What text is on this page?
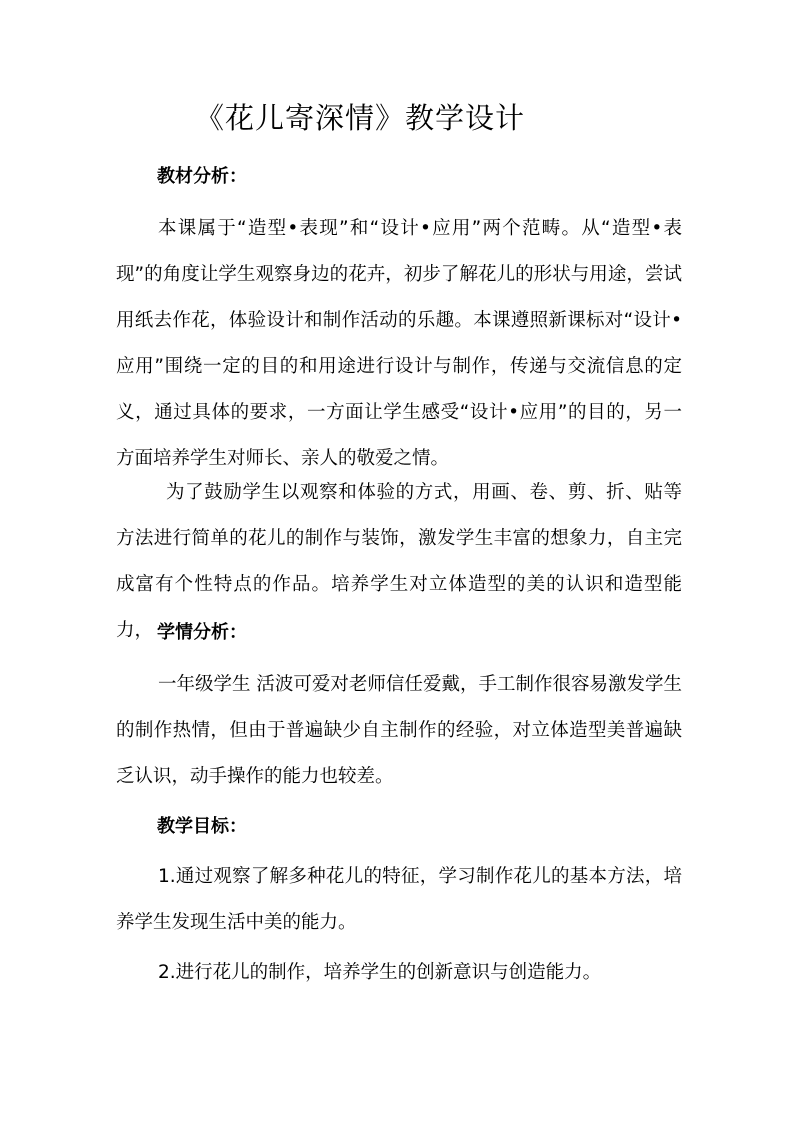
《花儿寄深情》教学设计
教材分析：

本课属于“造型•表现”和“设计•应用”两个范畴。从“造型•表现”的角度让学生观察身边的花卉，初步了解花儿的形状与用途，尝试用纸去作花，体验设计和制作活动的乐趣。本课遵照新课标对“设计•应用”围绕一定的目的和用途进行设计与制作，传递与交流信息的定义，通过具体的要求，一方面让学生感受“设计•应用”的目的，另一方面培养学生对师长、亲人的敬爱之情。

为了鼓励学生以观察和体验的方式，用画、卷、剪、折、贴等方法进行简单的花儿的制作与装饰，激发学生丰富的想象力，自主完成富有个性特点的作品。培养学生对立体造型的美的认识和造型能力， 学情分析：

一年级学生 活波可爱对老师信任爱戴，手工制作很容易激发学生的制作热情，但由于普遍缺少自主制作的经验，对立体造型美普遍缺乏认识，动手操作的能力也较差。

教学目标：

1.通过观察了解多种花儿的特征，学习制作花儿的基本方法，培养学生发现生活中美的能力。

2.进行花儿的制作，培养学生的创新意识与创造能力。
